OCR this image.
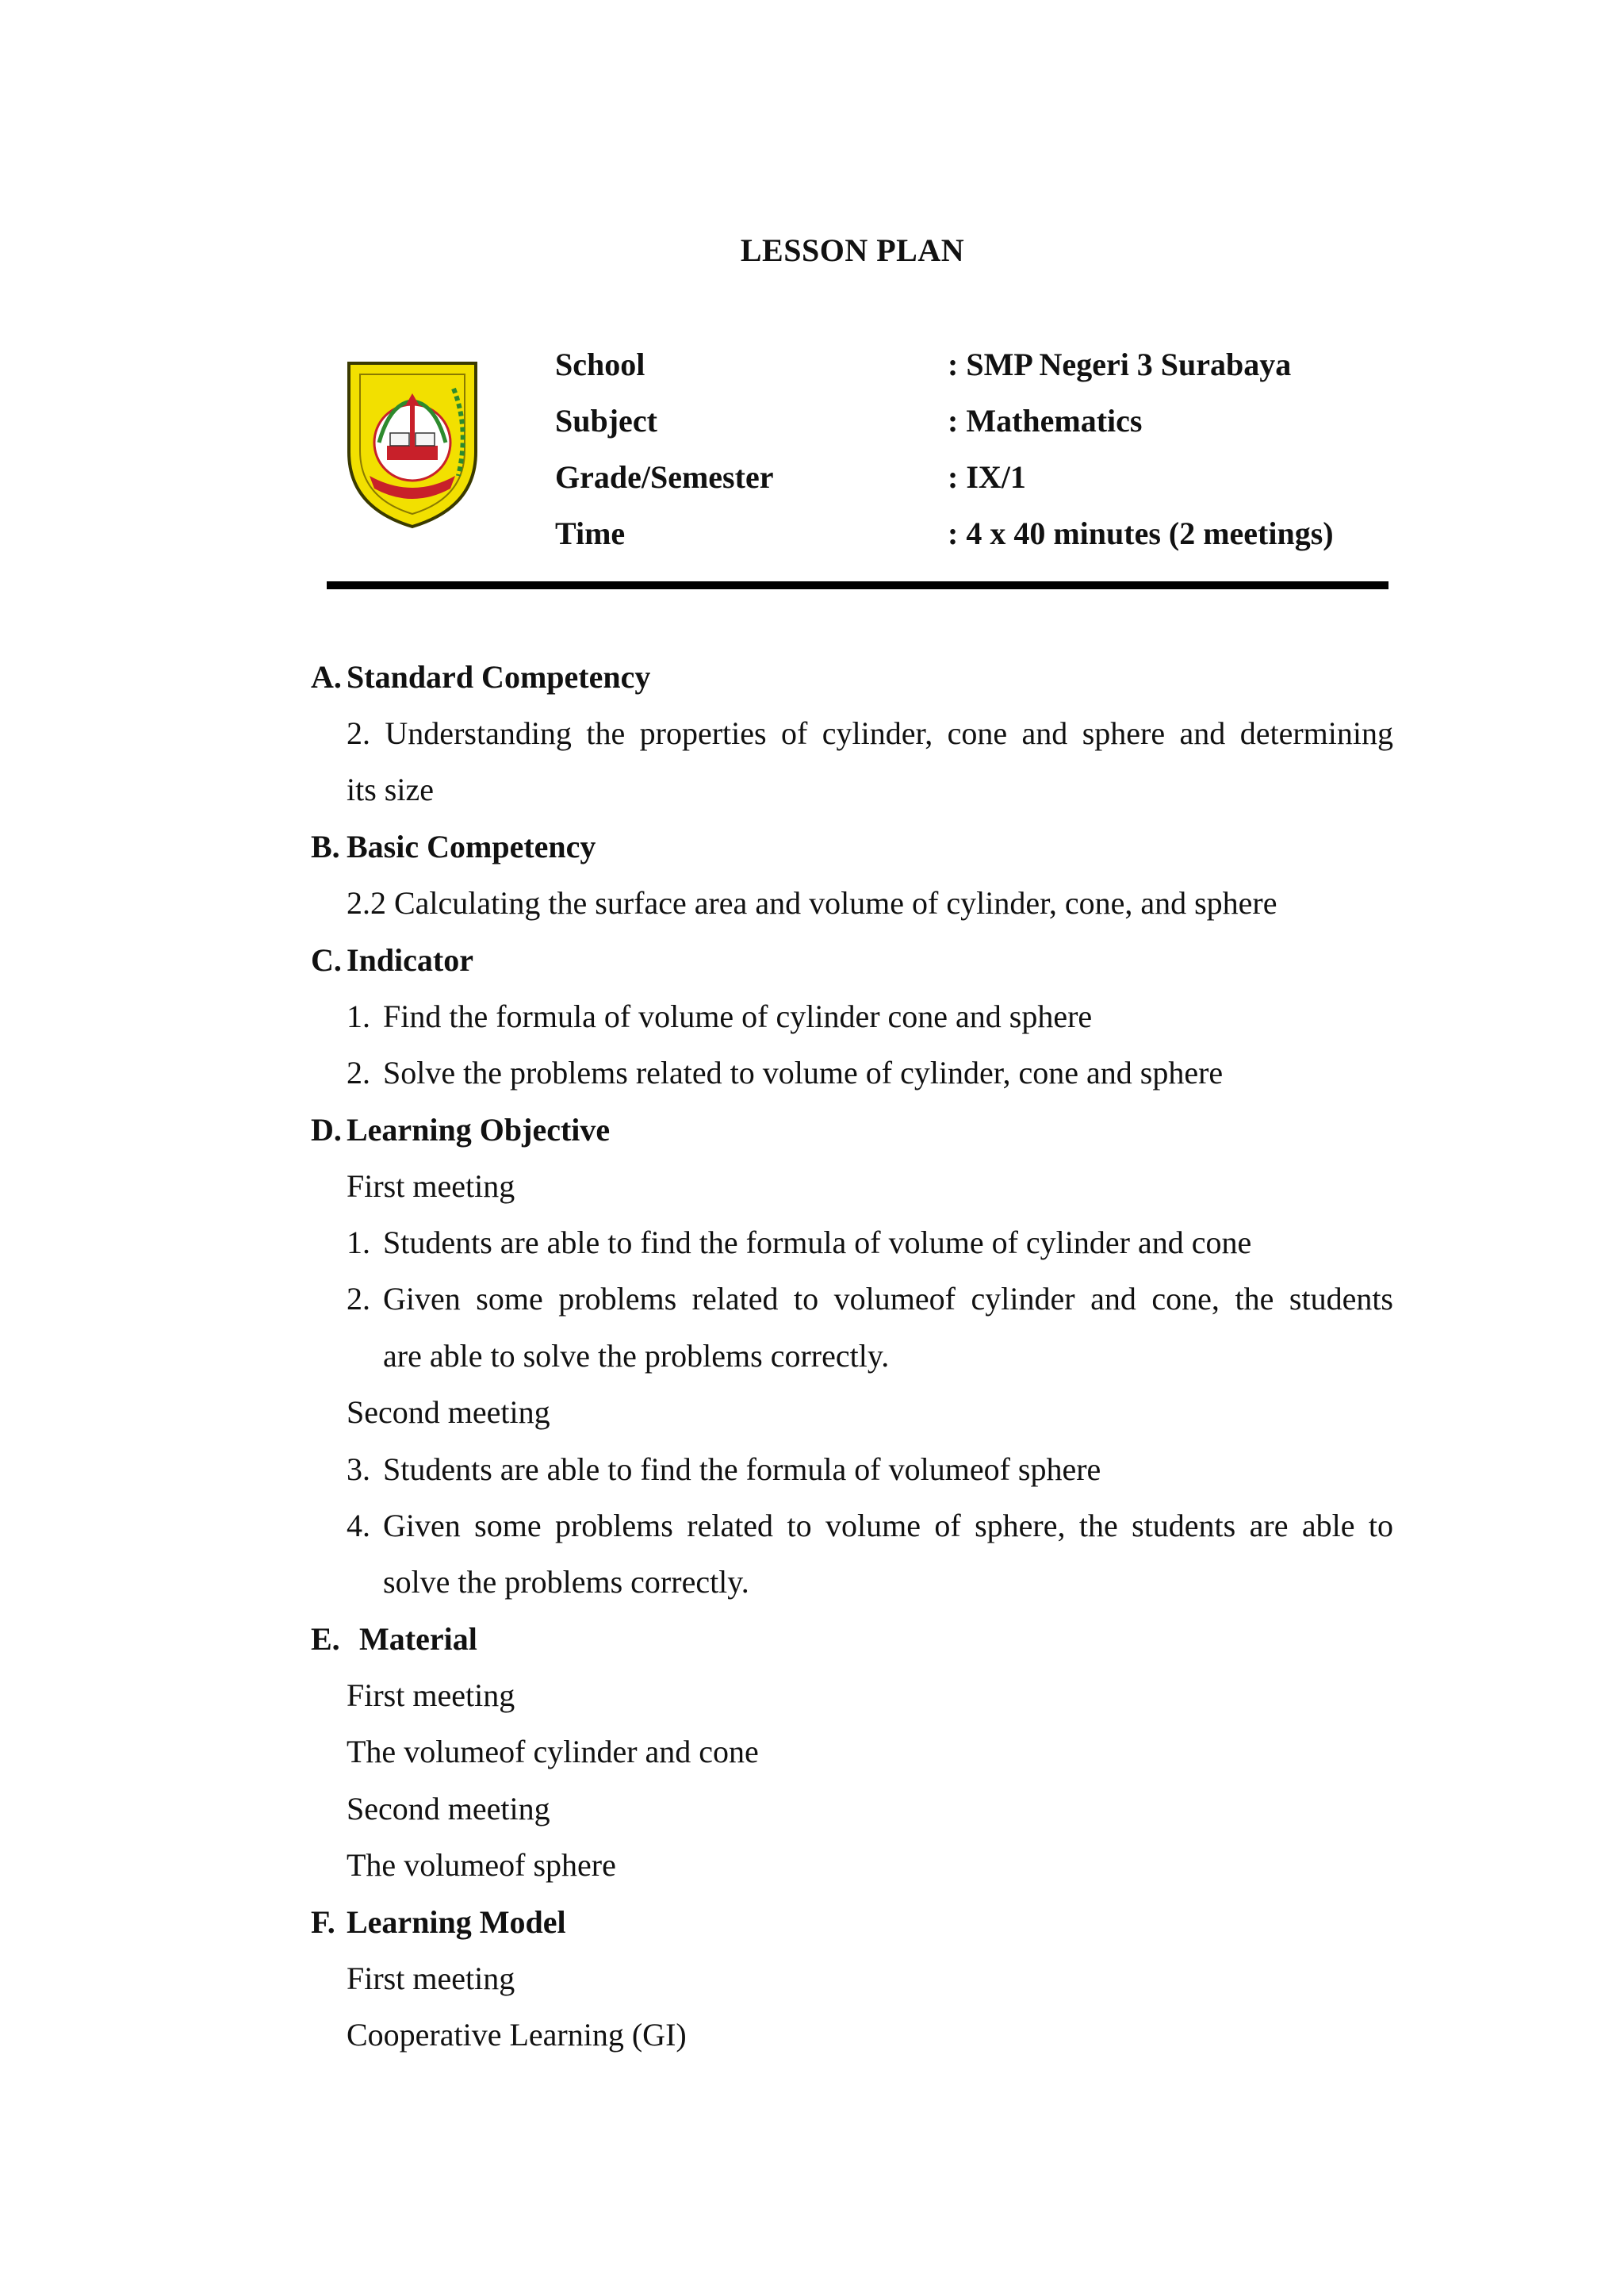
LESSON PLAN
School	: SMP Negeri 3 Surabaya
Subject	: Mathematics
Grade/Semester	: IX/1
Time	: 4 x 40 minutes (2 meetings)
A. Standard Competency
2. Understanding the properties of cylinder, cone and sphere and determining
its size
B. Basic Competency
2.2 Calculating the surface area and volume of cylinder, cone, and sphere
C. Indicator
1. Find the formula of volume of cylinder cone and sphere
2. Solve the problems related to volume of cylinder, cone and sphere
D. Learning Objective
First meeting
1. Students are able to find the formula of volume of cylinder and cone
2. Given some problems related to volumeof cylinder and cone, the students
are able to solve the problems correctly.
Second meeting
3. Students are able to find the formula of volumeof sphere
4. Given some problems related to volume of sphere, the students are able to
solve the problems correctly.
E. Material
First meeting
The volumeof cylinder and cone
Second meeting
The volumeof sphere
F. Learning Model
First meeting
Cooperative Learning (GI)
